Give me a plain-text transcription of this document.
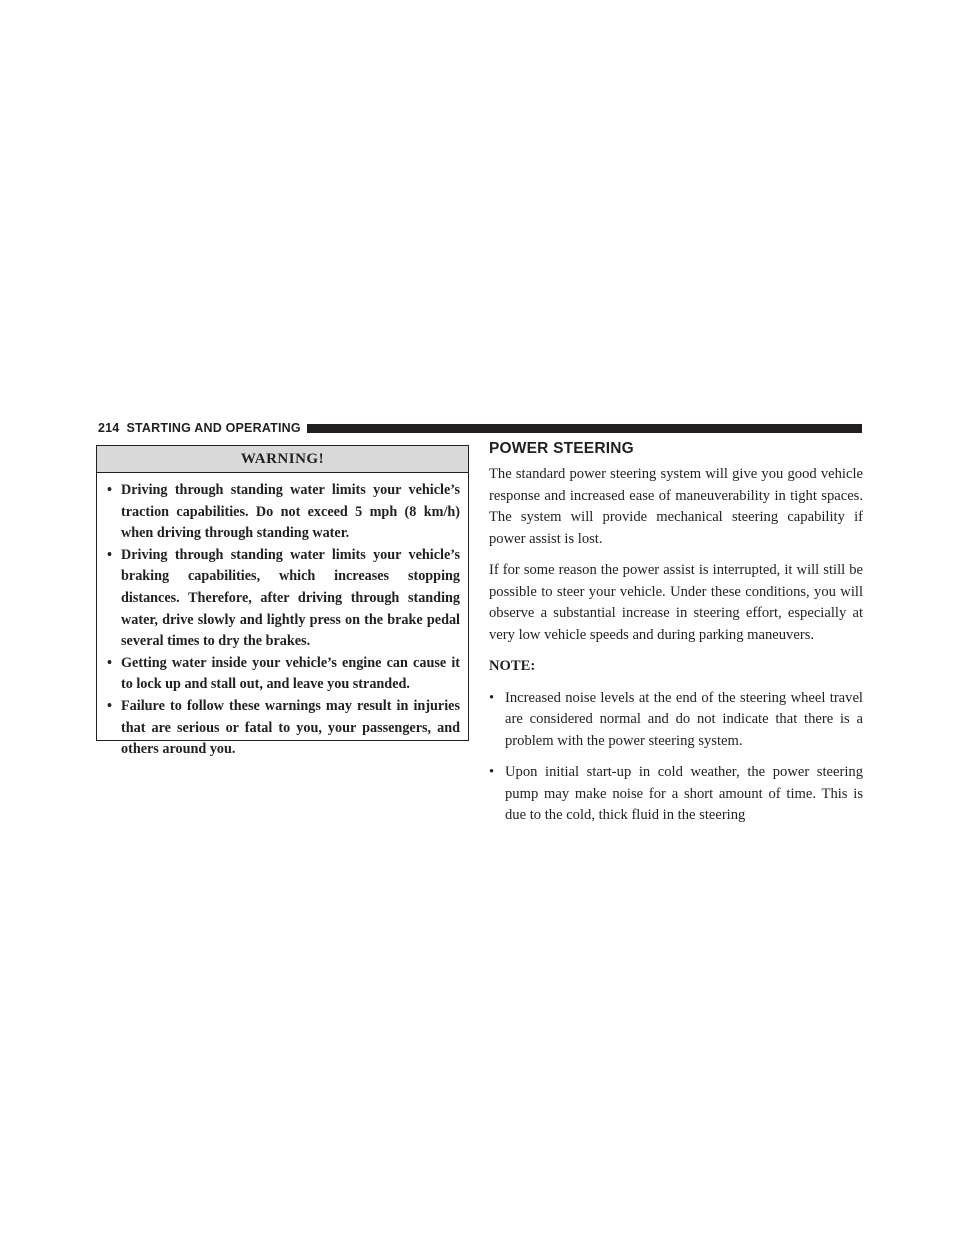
214 STARTING AND OPERATING
WARNING!
• Driving through standing water limits your vehicle’s traction capabilities. Do not exceed 5 mph (8 km/h) when driving through standing water.
• Driving through standing water limits your vehicle’s braking capabilities, which increases stopping distances. Therefore, after driving through standing water, drive slowly and lightly press on the brake pedal several times to dry the brakes.
• Getting water inside your vehicle’s engine can cause it to lock up and stall out, and leave you stranded.
• Failure to follow these warnings may result in injuries that are serious or fatal to you, your passengers, and others around you.
POWER STEERING

The standard power steering system will give you good vehicle response and increased ease of maneuverability in tight spaces. The system will provide mechanical steering capability if power assist is lost.

If for some reason the power assist is interrupted, it will still be possible to steer your vehicle. Under these conditions, you will observe a substantial increase in steering effort, especially at very low vehicle speeds and during parking maneuvers.

NOTE:

• Increased noise levels at the end of the steering wheel travel are considered normal and do not indicate that there is a problem with the power steering system.
• Upon initial start-up in cold weather, the power steering pump may make noise for a short amount of time. This is due to the cold, thick fluid in the steering
